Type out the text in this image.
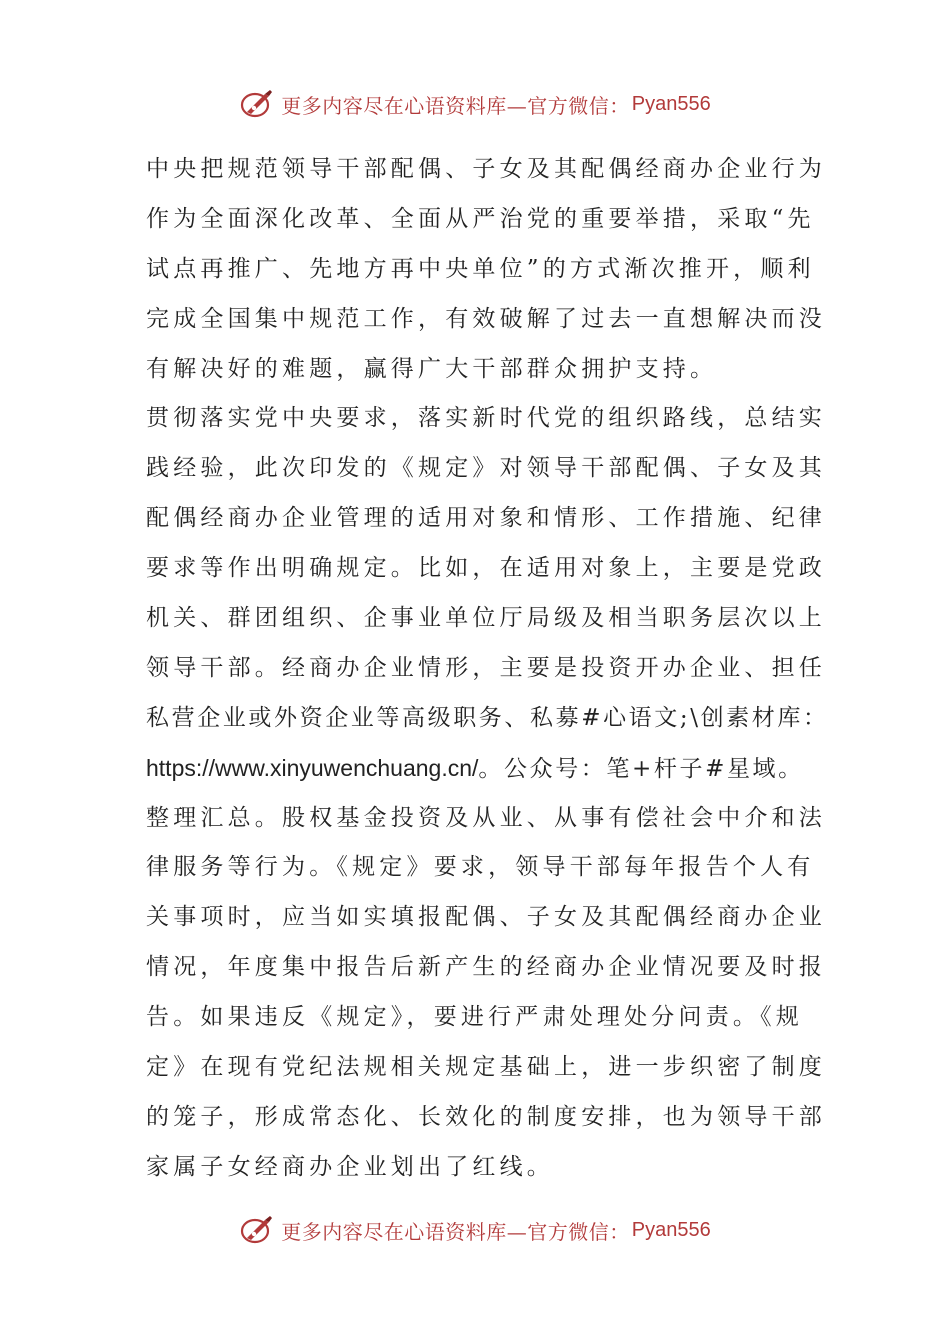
更多内容尽在心语资料库—官方微信： Pyan556
中央把规范领导干部配偶、子女及其配偶经商办企业行为
作为全面深化改革、全面从严治党的重要举措，采取“先
试点再推广、先地方再中央单位”的方式渐次推开，顺利
完成全国集中规范工作，有效破解了过去一直想解决而没
有解决好的难题，赢得广大干部群众拥护支持。
贯彻落实党中央要求，落实新时代党的组织路线，总结实
践经验，此次印发的《规定》对领导干部配偶、子女及其
配偶经商办企业管理的适用对象和情形、工作措施、纪律
要求等作出明确规定。比如，在适用对象上，主要是党政
机关、群团组织、企事业单位厅局级及相当职务层次以上
领导干部。经商办企业情形，主要是投资开办企业、担任
私营企业或外资企业等高级职务、私募#心语文;\创素材库：
https://www.xinyuwenchuang.cn/。公众号：笔+杆子#星域。
整理汇总。股权基金投资及从业、从事有偿社会中介和法
律服务等行为。《规定》要求，领导干部每年报告个人有
关事项时，应当如实填报配偶、子女及其配偶经商办企业
情况，年度集中报告后新产生的经商办企业情况要及时报
告。如果违反《规定》，要进行严肃处理处分问责。《规
定》在现有党纪法规相关规定基础上，进一步织密了制度
的笼子，形成常态化、长效化的制度安排，也为领导干部
家属子女经商办企业划出了红线。
更多内容尽在心语资料库—官方微信： Pyan556
